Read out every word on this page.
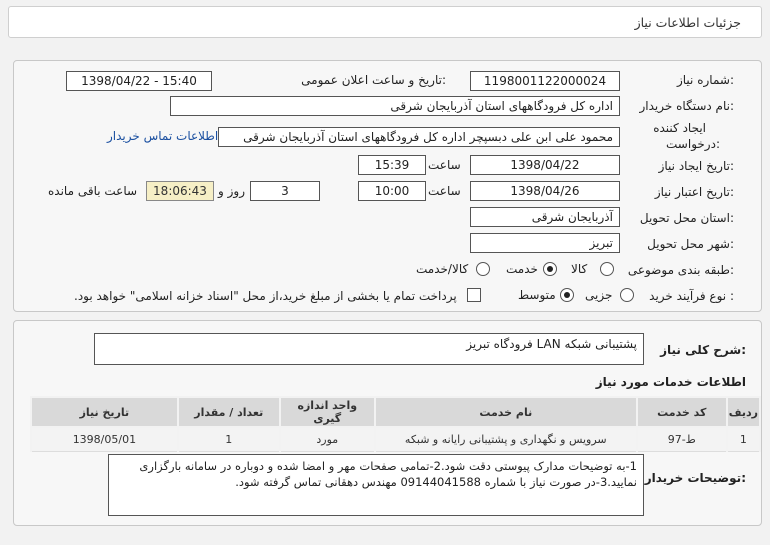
جزئیات اطلاعات نیاز
شماره نیاز:
1198001122000024
تاریخ و ساعت اعلان عمومی:
1398/04/22 - 15:40
نام دستگاه خریدار:
اداره کل فرودگاههای استان آذربایجان شرقی
ایجاد کننده
درخواست:
محمود علی ابن علی دبسپچر اداره کل فرودگاههای استان آذربایجان شرقی
اطلاعات تماس خریدار
تاریخ ایجاد نیاز:
1398/04/22
ساعت
15:39
تاریخ اعتبار نیاز:
1398/04/26
ساعت
10:00
3
روز و
18:06:43
ساعت باقی مانده
استان محل تحویل:
آذربایجان شرقی
شهر محل تحویل:
تبریز
طبقه بندی موضوعی:
کالا
خدمت
کالا/خدمت
نوع فرآیند خرید :
جزیی
متوسط
پرداخت تمام یا بخشی از مبلغ خرید،از محل "اسناد خزانه اسلامی" خواهد بود.
شرح کلی نیاز:
پشتیبانی شبکه LAN فرودگاه تبریز
اطلاعات خدمات مورد نیاز
ردیف	کد خدمت	نام خدمت	واحد اندازه گیری	تعداد / مقدار	تاریخ نیاز
1	ط-97	سرویس و نگهداری و پشتیبانی رایانه و شبکه	مورد	1	1398/05/01
توضیحات خریدار:
1-به توضیحات مدارک پیوستی دقت شود.2-تمامی صفحات مهر و امضا شده و دوباره در سامانه بارگزاری نمایید.3-در صورت نیاز با شماره 09144041588 مهندس دهقانی تماس گرفته شود.
